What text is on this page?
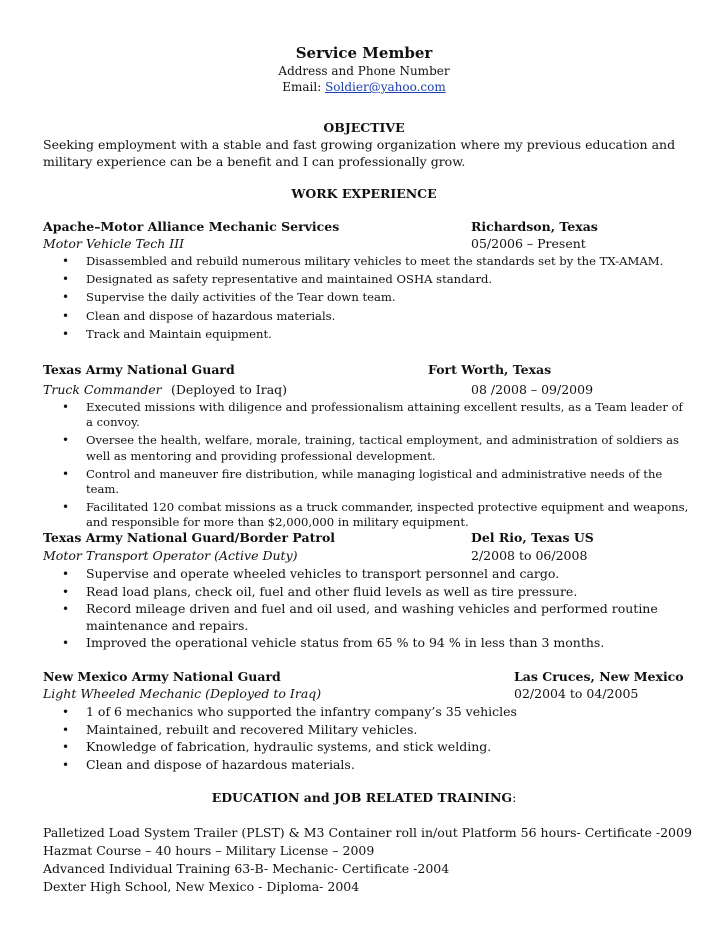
Service Member
Address and Phone Number
Email: Soldier@yahoo.com
OBJECTIVE
Seeking employment with a stable and fast growing organization where my previous education and military experience can be a benefit and I can professionally grow.
WORK EXPERIENCE
Apache–Motor Alliance Mechanic Services	Richardson, Texas
Motor Vehicle Tech III	05/2006 – Present
• Disassembled and rebuild numerous military vehicles to meet the standards set by the TX-AMAM.
• Designated as safety representative and maintained OSHA standard.
• Supervise the daily activities of the Tear down team.
• Clean and dispose of hazardous materials.
• Track and Maintain equipment.
Texas Army National Guard	Fort Worth, Texas
Truck Commander (Deployed to Iraq)	08 /2008 – 09/2009
• Executed missions with diligence and professionalism attaining excellent results, as a Team leader of a convoy.
• Oversee the health, welfare, morale, training, tactical employment, and administration of soldiers as well as mentoring and providing professional development.
• Control and maneuver fire distribution, while managing logistical and administrative needs of the team.
• Facilitated 120 combat missions as a truck commander, inspected protective equipment and weapons, and responsible for more than $2,000,000 in military equipment.
Texas Army National Guard/Border Patrol	Del Rio, Texas US
Motor Transport Operator (Active Duty)	2/2008 to 06/2008
• Supervise and operate wheeled vehicles to transport personnel and cargo.
• Read load plans, check oil, fuel and other fluid levels as well as tire pressure.
• Record mileage driven and fuel and oil used, and washing vehicles and performed routine maintenance and repairs.
• Improved the operational vehicle status from 65 % to 94 % in less than 3 months.
New Mexico Army National Guard	Las Cruces, New Mexico
Light Wheeled Mechanic (Deployed to Iraq)	02/2004 to 04/2005
• 1 of 6 mechanics who supported the infantry company’s 35 vehicles
• Maintained, rebuilt and recovered Military vehicles.
• Knowledge of fabrication, hydraulic systems, and stick welding.
• Clean and dispose of hazardous materials.
EDUCATION and JOB RELATED TRAINING:
Palletized Load System Trailer (PLST) & M3 Container roll in/out Platform 56 hours- Certificate -2009
Hazmat Course – 40 hours – Military License – 2009
Advanced Individual Training 63-B- Mechanic- Certificate -2004
Dexter High School, New Mexico - Diploma- 2004
